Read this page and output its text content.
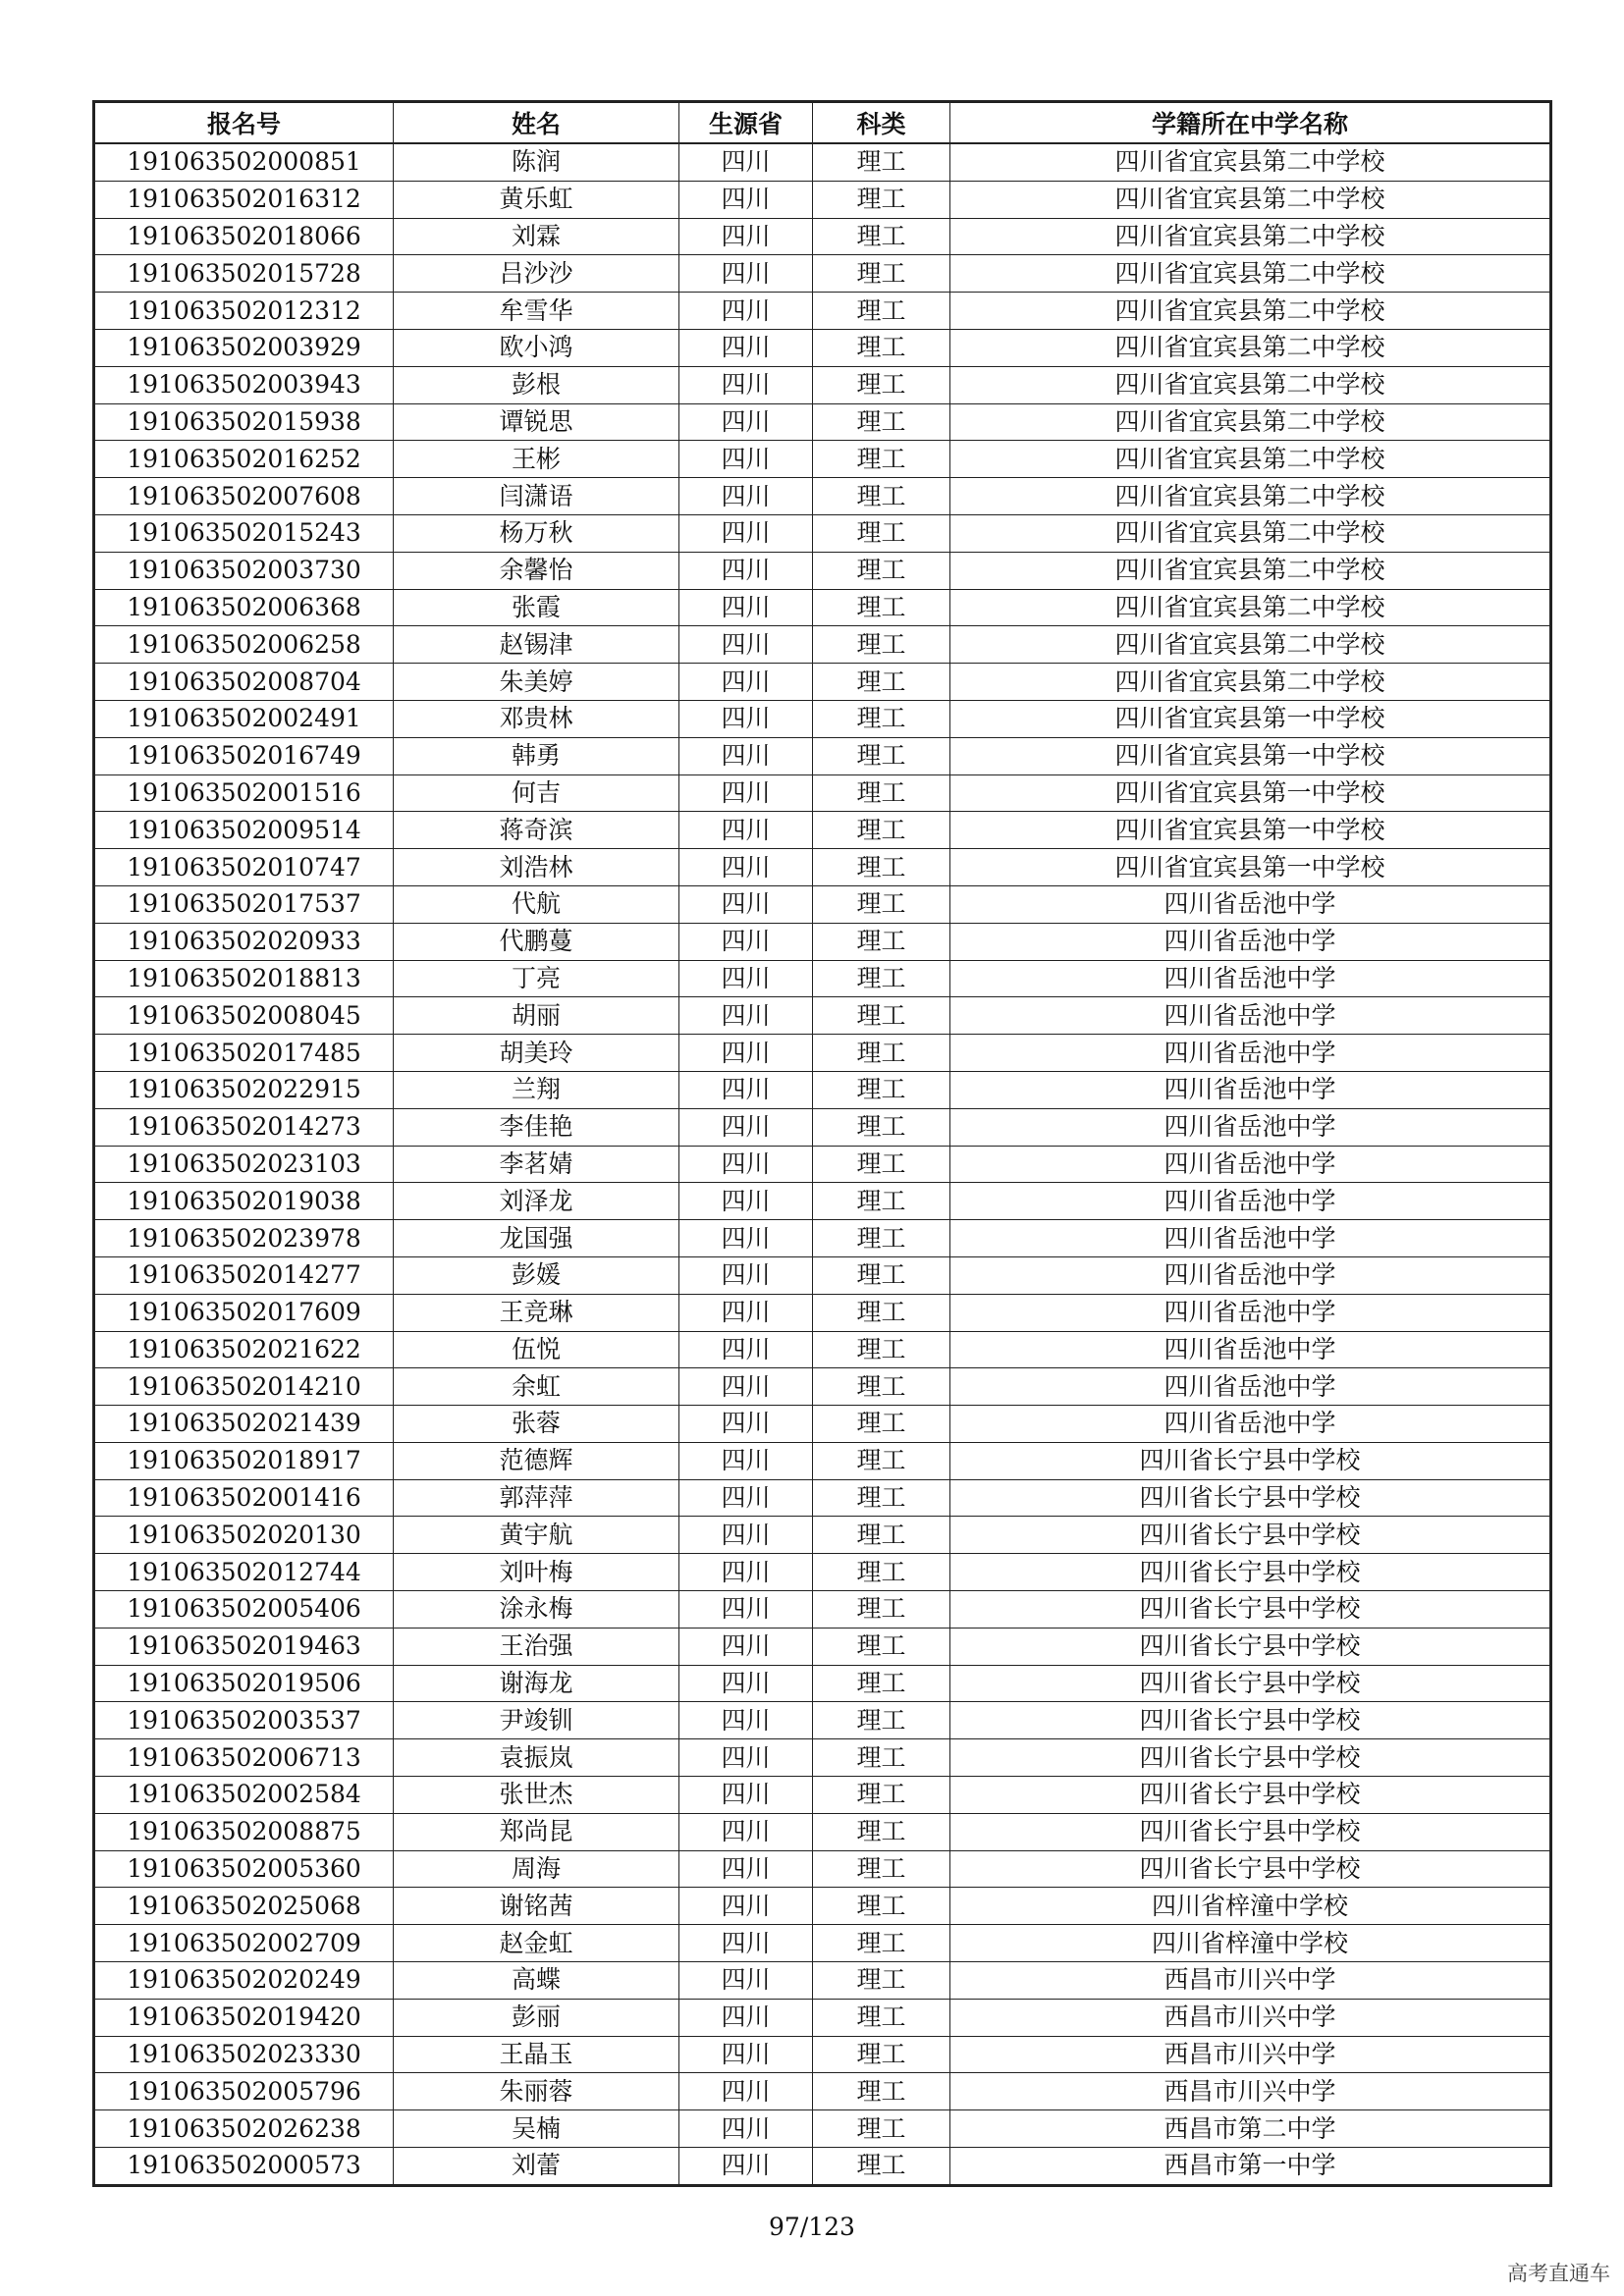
报名号	姓名	生源省	科类	学籍所在中学名称
191063502000851	陈润	四川	理工	四川省宜宾县第二中学校
191063502016312	黄乐虹	四川	理工	四川省宜宾县第二中学校
191063502018066	刘霖	四川	理工	四川省宜宾县第二中学校
191063502015728	吕沙沙	四川	理工	四川省宜宾县第二中学校
191063502012312	牟雪华	四川	理工	四川省宜宾县第二中学校
191063502003929	欧小鸿	四川	理工	四川省宜宾县第二中学校
191063502003943	彭根	四川	理工	四川省宜宾县第二中学校
191063502015938	谭锐思	四川	理工	四川省宜宾县第二中学校
191063502016252	王彬	四川	理工	四川省宜宾县第二中学校
191063502007608	闫潇语	四川	理工	四川省宜宾县第二中学校
191063502015243	杨万秋	四川	理工	四川省宜宾县第二中学校
191063502003730	余馨怡	四川	理工	四川省宜宾县第二中学校
191063502006368	张霞	四川	理工	四川省宜宾县第二中学校
191063502006258	赵锡津	四川	理工	四川省宜宾县第二中学校
191063502008704	朱美婷	四川	理工	四川省宜宾县第二中学校
191063502002491	邓贵林	四川	理工	四川省宜宾县第一中学校
191063502016749	韩勇	四川	理工	四川省宜宾县第一中学校
191063502001516	何吉	四川	理工	四川省宜宾县第一中学校
191063502009514	蒋奇滨	四川	理工	四川省宜宾县第一中学校
191063502010747	刘浩林	四川	理工	四川省宜宾县第一中学校
191063502017537	代航	四川	理工	四川省岳池中学
191063502020933	代鹏蔓	四川	理工	四川省岳池中学
191063502018813	丁亮	四川	理工	四川省岳池中学
191063502008045	胡丽	四川	理工	四川省岳池中学
191063502017485	胡美玲	四川	理工	四川省岳池中学
191063502022915	兰翔	四川	理工	四川省岳池中学
191063502014273	李佳艳	四川	理工	四川省岳池中学
191063502023103	李茗婧	四川	理工	四川省岳池中学
191063502019038	刘泽龙	四川	理工	四川省岳池中学
191063502023978	龙国强	四川	理工	四川省岳池中学
191063502014277	彭媛	四川	理工	四川省岳池中学
191063502017609	王竞琳	四川	理工	四川省岳池中学
191063502021622	伍悦	四川	理工	四川省岳池中学
191063502014210	余虹	四川	理工	四川省岳池中学
191063502021439	张蓉	四川	理工	四川省岳池中学
191063502018917	范德辉	四川	理工	四川省长宁县中学校
191063502001416	郭萍萍	四川	理工	四川省长宁县中学校
191063502020130	黄宇航	四川	理工	四川省长宁县中学校
191063502012744	刘叶梅	四川	理工	四川省长宁县中学校
191063502005406	涂永梅	四川	理工	四川省长宁县中学校
191063502019463	王治强	四川	理工	四川省长宁县中学校
191063502019506	谢海龙	四川	理工	四川省长宁县中学校
191063502003537	尹竣钏	四川	理工	四川省长宁县中学校
191063502006713	袁振岚	四川	理工	四川省长宁县中学校
191063502002584	张世杰	四川	理工	四川省长宁县中学校
191063502008875	郑尚昆	四川	理工	四川省长宁县中学校
191063502005360	周海	四川	理工	四川省长宁县中学校
191063502025068	谢铭茜	四川	理工	四川省梓潼中学校
191063502002709	赵金虹	四川	理工	四川省梓潼中学校
191063502020249	高蝶	四川	理工	西昌市川兴中学
191063502019420	彭丽	四川	理工	西昌市川兴中学
191063502023330	王晶玉	四川	理工	西昌市川兴中学
191063502005796	朱丽蓉	四川	理工	西昌市川兴中学
191063502026238	吴楠	四川	理工	西昌市第二中学
191063502000573	刘蕾	四川	理工	西昌市第一中学
97/123
高考直通车
